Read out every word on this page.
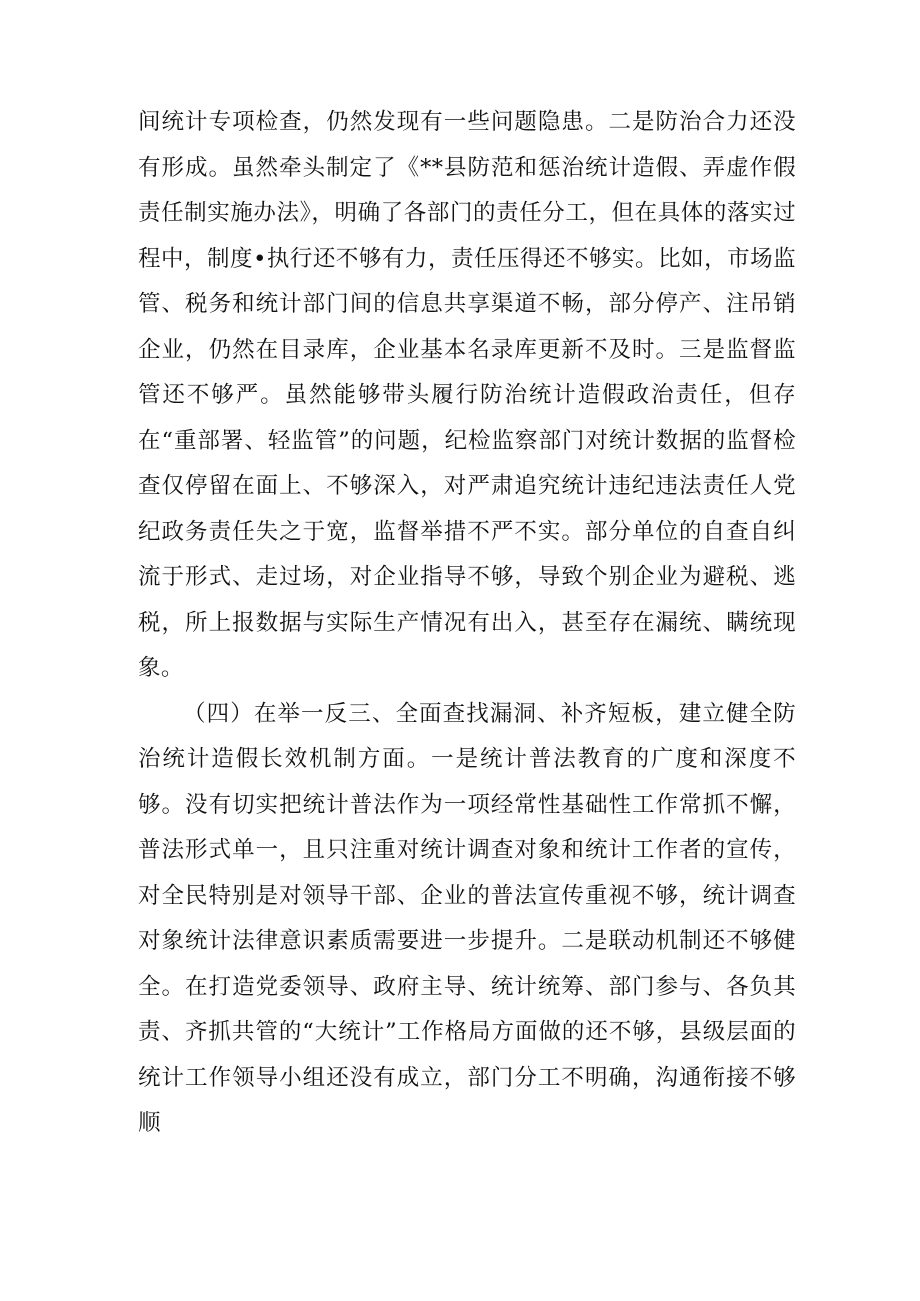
间统计专项检查，仍然发现有一些问题隐患。二是防治合力还没有形成。虽然牵头制定了《**县防范和惩治统计造假、弄虚作假责任制实施办法》，明确了各部门的责任分工，但在具体的落实过程中，制度•执行还不够有力，责任压得还不够实。比如，市场监管、税务和统计部门间的信息共享渠道不畅，部分停产、注吊销企业，仍然在目录库，企业基本名录库更新不及时。三是监督监管还不够严。虽然能够带头履行防治统计造假政治责任，但存在“重部署、轻监管”的问题，纪检监察部门对统计数据的监督检查仅停留在面上、不够深入，对严肃追究统计违纪违法责任人党纪政务责任失之于宽，监督举措不严不实。部分单位的自查自纠流于形式、走过场，对企业指导不够，导致个别企业为避税、逃税，所上报数据与实际生产情况有出入，甚至存在漏统、瞒统现象。

（四）在举一反三、全面查找漏洞、补齐短板，建立健全防治统计造假长效机制方面。一是统计普法教育的广度和深度不够。没有切实把统计普法作为一项经常性基础性工作常抓不懈，普法形式单一，且只注重对统计调查对象和统计工作者的宣传，对全民特别是对领导干部、企业的普法宣传重视不够，统计调查对象统计法律意识素质需要进一步提升。二是联动机制还不够健全。在打造党委领导、政府主导、统计统筹、部门参与、各负其责、齐抓共管的“大统计”工作格局方面做的还不够，县级层面的统计工作领导小组还没有成立，部门分工不明确，沟通衔接不够顺
